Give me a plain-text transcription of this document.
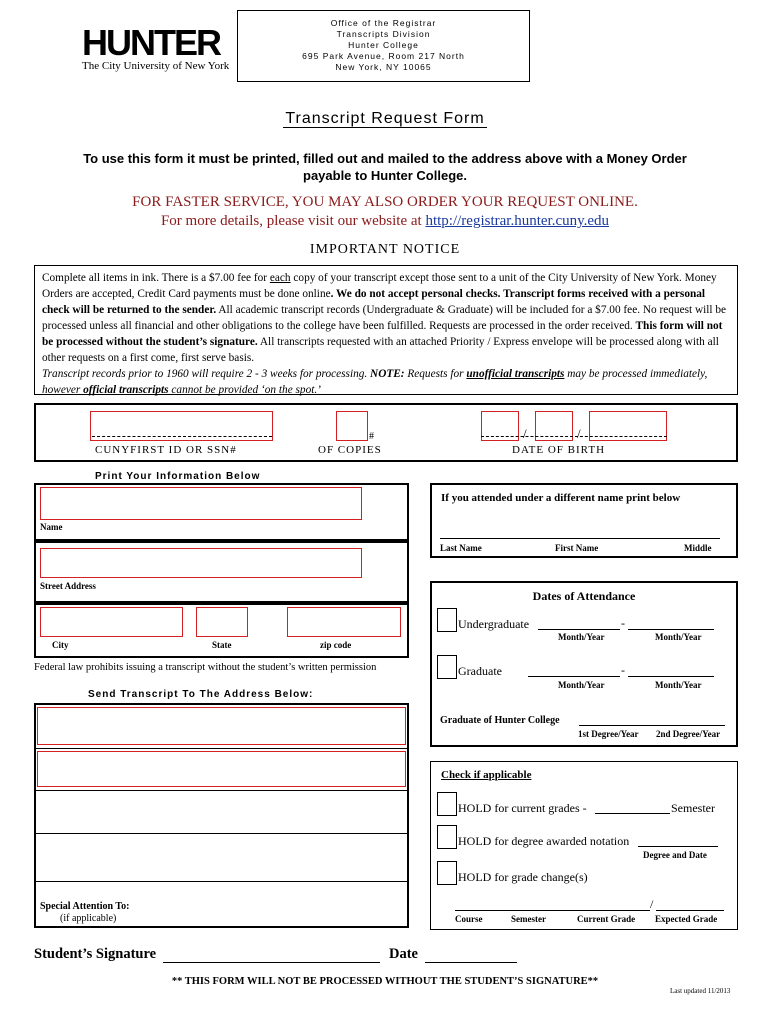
HUNTER
The City University of New York
Office of the Registrar
Transcripts Division
Hunter College
695 Park Avenue, Room 217 North
New York, NY 10065
Transcript Request Form
To use this form it must be printed, filled out and mailed to the address above with a Money Order payable to Hunter College.
FOR FASTER SERVICE, YOU MAY ALSO ORDER YOUR REQUEST ONLINE.
For more details, please visit our website at http://registrar.hunter.cuny.edu
IMPORTANT NOTICE

Complete all items in ink. There is a $7.00 fee for each copy of your transcript except those sent to a unit of the City University of New York. Money Orders are accepted, Credit Card payments must be done online. We do not accept personal checks. Transcript forms received with a personal check will be returned to the sender. All academic transcript records (Undergraduate & Graduate) will be included for a $7.00 fee. No request will be processed unless all financial and other obligations to the college have been fulfilled. Requests are processed in the order received. This form will not be processed without the student’s signature. All transcripts requested with an attached Priority / Express envelope will be processed along with all other requests on a first come, first serve basis.

Transcript records prior to 1960 will require 2 - 3 weeks for processing. NOTE: Requests for unofficial transcripts may be processed immediately, however official transcripts cannot be provided ‘on the spot.’

CUNYFIRST ID OR SSN#
#
OF COPIES
/	/
DATE OF BIRTH
Print Your Information Below
Name
Street Address
City	State	zip code
Federal law prohibits issuing a transcript without the student’s written permission
Send Transcript To The Address Below:
Special Attention To:
(if applicable)
If you attended under a different name print below
Last Name	First Name	Middle
Dates of Attendance
Undergraduate	-
Month/Year	Month/Year
Graduate	-
Month/Year	Month/Year
Graduate of Hunter College
1st Degree/Year 2nd Degree/Year
Check if applicable
HOLD for current grades -	Semester
HOLD for degree awarded notation
Degree and Date
HOLD for grade change(s)
/
Course	Semester	Current Grade Expected Grade
Student’s Signature	Date
** THIS FORM WILL NOT BE PROCESSED WITHOUT THE STUDENT’S SIGNATURE**
Last updated 11/2013
